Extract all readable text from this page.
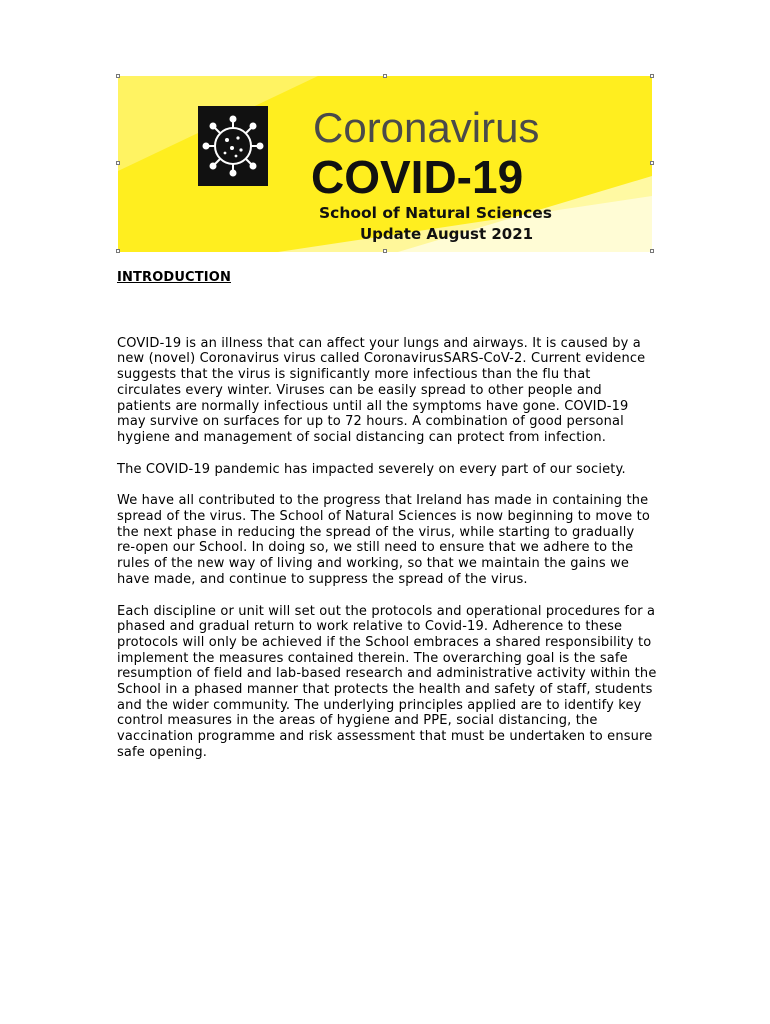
Coronavirus
COVID-19
School of Natural Sciences
Update August 2021

INTRODUCTION

COVID-19 is an illness that can affect your lungs and airways. It is caused by a new (novel) Coronavirus virus called CoronavirusSARS-CoV-2. Current evidence suggests that the virus is significantly more infectious than the flu that circulates every winter. Viruses can be easily spread to other people and patients are normally infectious until all the symptoms have gone. COVID-19 may survive on surfaces for up to 72 hours. A combination of good personal hygiene and management of social distancing can protect from infection.

The COVID-19 pandemic has impacted severely on every part of our society.

We have all contributed to the progress that Ireland has made in containing the spread of the virus. The School of Natural Sciences is now beginning to move to the next phase in reducing the spread of the virus, while starting to gradually re-open our School. In doing so, we still need to ensure that we adhere to the rules of the new way of living and working, so that we maintain the gains we have made, and continue to suppress the spread of the virus.

Each discipline or unit will set out the protocols and operational procedures for a phased and gradual return to work relative to Covid-19. Adherence to these protocols will only be achieved if the School embraces a shared responsibility to implement the measures contained therein. The overarching goal is the safe resumption of field and lab-based research and administrative activity within the School in a phased manner that protects the health and safety of staff, students and the wider community. The underlying principles applied are to identify key control measures in the areas of hygiene and PPE, social distancing, the vaccination programme and risk assessment that must be undertaken to ensure safe opening.
